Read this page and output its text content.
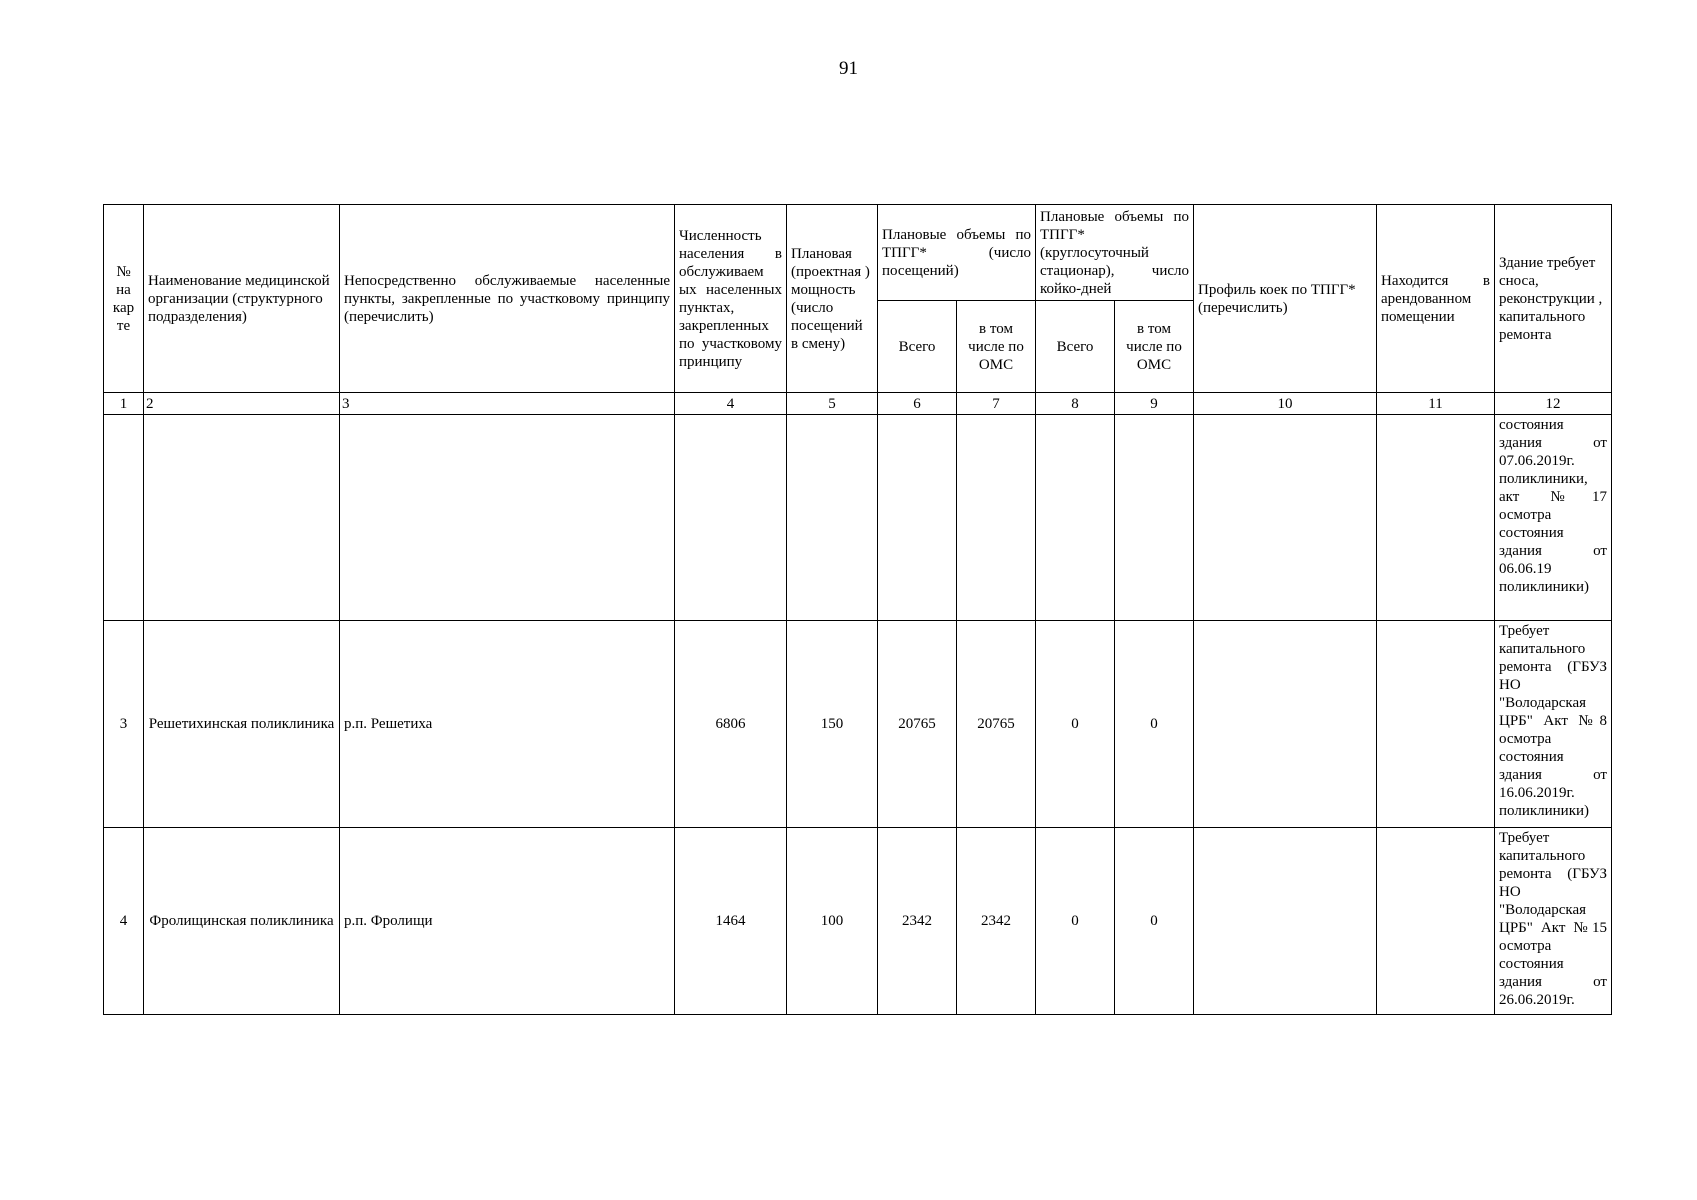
91
№ на кар те	Наименование медицинской организации (структурного подразделения)	Непосредственно обслуживаемые населенные пункты, закрепленные по участковому принципу (перечислить)	Численность населения в обслуживаем ых населенных пунктах, закрепленных по участковому принципу	Плановая (проектная ) мощность (число посещений в смену)	Плановые объемы по ТПГГ* (число посещений)		Плановые объемы по ТПГГ* (круглосуточный стационар), число койко-дней		Профиль коек по ТПГГ* (перечислить)	Находится в арендованном помещении	Здание требует сноса, реконструкции , капитального ремонта
					Всего	в том числе по ОМС	Всего	в том числе по ОМС			
1	2	3	4	5	6	7	8	9	10	11	12
											состояния здания от 07.06.2019г. поликлиники, акт №17 осмотра состояния здания от 06.06.19 поликлиники)
3	Решетихинская поликлиника	р.п. Решетиха	6806	150	20765	20765	0	0			Требует капитального ремонта (ГБУЗ НО "Володарская ЦРБ" Акт №8 осмотра состояния здания от 16.06.2019г. поликлиники)
4	Фролищинская поликлиника	р.п. Фролищи	1464	100	2342	2342	0	0			Требует капитального ремонта (ГБУЗ НО "Володарская ЦРБ" Акт №15 осмотра состояния здания от 26.06.2019г.
